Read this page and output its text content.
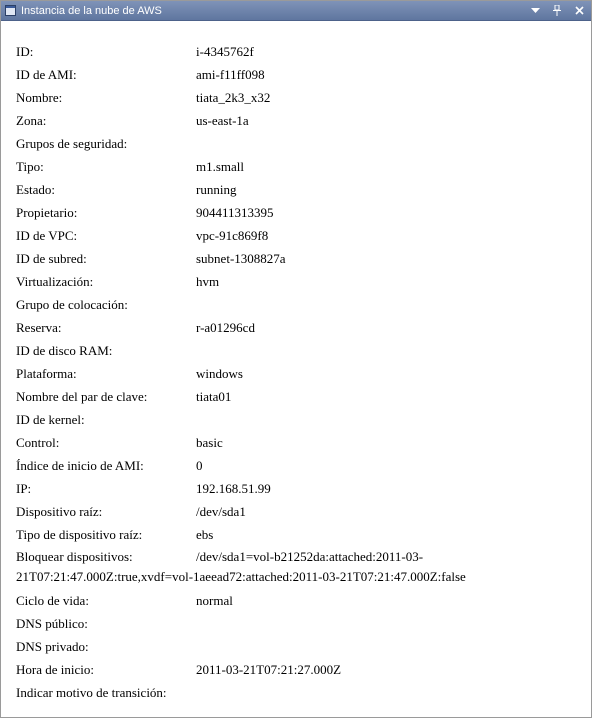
Instancia de la nube de AWS
ID:	i-4345762f
ID de AMI:	ami-f11ff098
Nombre:	tiata_2k3_x32
Zona:	us-east-1a
Grupos de seguridad:
Tipo:	m1.small
Estado:	running
Propietario:	904411313395
ID de VPC:	vpc-91c869f8
ID de subred:	subnet-1308827a
Virtualización:	hvm
Grupo de colocación:
Reserva:	r-a01296cd
ID de disco RAM:
Plataforma:	windows
Nombre del par de clave:	tiata01
ID de kernel:
Control:	basic
Índice de inicio de AMI:	0
IP:	192.168.51.99
Dispositivo raíz:	/dev/sda1
Tipo de dispositivo raíz:	ebs
Bloquear dispositivos:	/dev/sda1=vol-b21252da:attached:2011-03-21T07:21:47.000Z:true,xvdf=vol-1aeead72:attached:2011-03-21T07:21:47.000Z:false
Ciclo de vida:	normal
DNS público:
DNS privado:
Hora de inicio:	2011-03-21T07:21:27.000Z
Indicar motivo de transición:
